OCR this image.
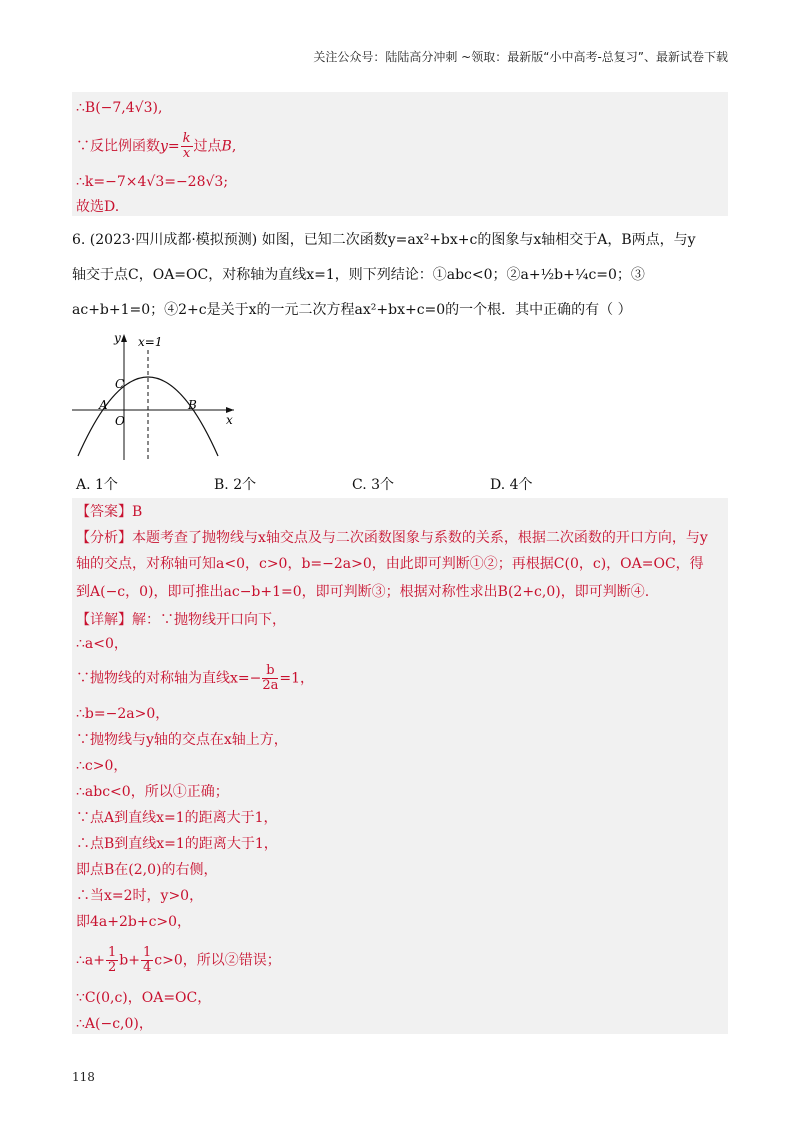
关注公众号：陆陆高分冲刺 ~领取：最新版“小中高考-总复习”、最新试卷下载
∴B(−7,4√3),
∵反比例函数$y= \frac{k}{x}$ 过点B,
∴k=−7×4√3=−28√3;
故选D.
6. (2023·四川成都·模拟预测) 如图，已知二次函数y=ax²+bx+c的图象与x轴相交于A，B两点，与y
轴交于点C，OA=OC，对称轴为直线x=1，则下列结论：①abc<0；②a+½b+¼c=0；③
ac+b+1=0；④2+c是关于x的一元二次方程ax²+bx+c=0的一个根．其中正确的有（ ）
y
x
x=1
C
A
O
B
A. 1个	B. 2个	C. 3个	D. 4个
【答案】B
【分析】本题考查了抛物线与x轴交点及与二次函数图象与系数的关系，根据二次函数的开口方向，与y
轴的交点，对称轴可知a<0，c>0，b=−2a>0，由此即可判断①②；再根据C(0，c)，OA=OC，得
到A(−c，0)，即可推出ac−b+1=0，即可判断③；根据对称性求出B(2+c,0)，即可判断④.
【详解】解：∵抛物线开口向下，
∴a<0，
∵抛物线的对称轴为直线$x=- \frac{b}{2a} =1$，
∴b=−2a>0，
∵抛物线与y轴的交点在x轴上方，
∴c>0，
∴abc<0，所以①正确；
∵点A到直线x=1的距离大于1，
∴点B到直线x=1的距离大于1，
即点B在(2,0)的右侧，
∴当x=2时，y>0，
即4a+2b+c>0，
∴a+ $\frac{1}{2} b+ \frac{1}{4} c>0$，所以②错误；
∵C(0,c)，OA=OC，
∴A(−c,0)，
118
